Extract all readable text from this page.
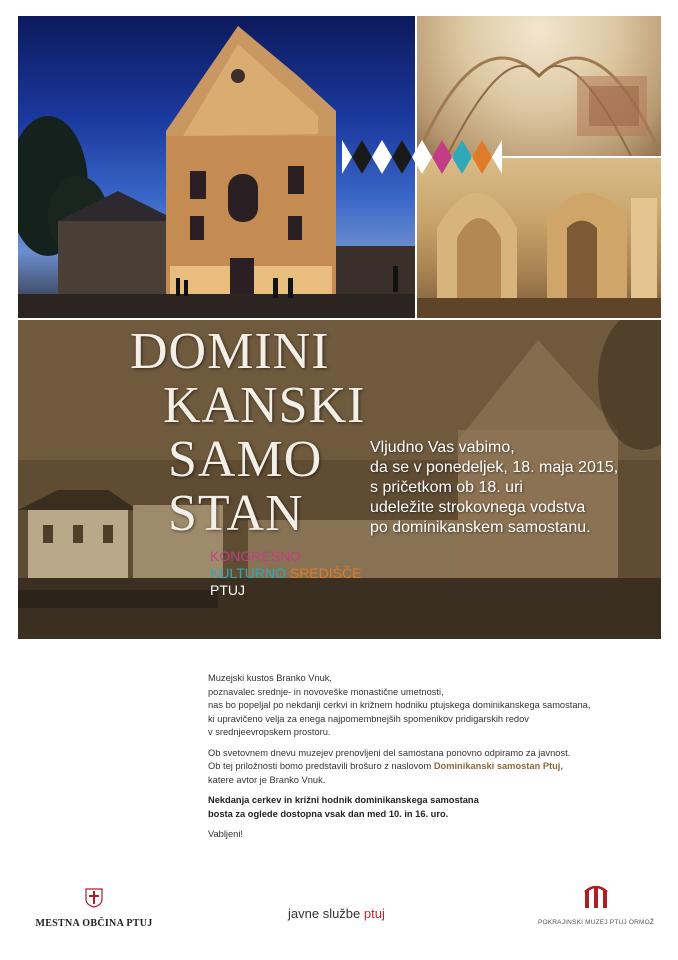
DOMINI
KANSKI
SAMO
STAN
Vljudno Vas vabimo,
da se v ponedeljek, 18. maja 2015,
s pričetkom ob 18. uri
udeležite strokovnega vodstva
po dominikanskem samostanu.
KONGRESNO
KULTURNO SREDIŠČE
PTUJ

Muzejski kustos Branko Vnuk,
poznavalec srednje- in novoveške monastične umetnosti,
nas bo popeljal po nekdanji cerkvi in križnem hodniku ptujskega dominikanskega samostana,
ki upravičeno velja za enega najpomembnejših spomenikov pridigarskih redov
v srednjeevropskem prostoru.

Ob svetovnem dnevu muzejev prenovljeni del samostana ponovno odpiramo za javnost.
Ob tej priložnosti bomo predstavili brošuro z naslovom Dominikanski samostan Ptuj,
katere avtor je Branko Vnuk.

Nekdanja cerkev in križni hodnik dominikanskega samostana
bosta za oglede dostopna vsak dan med 10. in 16. uro.

Vabljeni!

MESTNA OBČINA PTUJ
javne službe ptuj
POKRAJINSKI MUZEJ PTUJ ORMOŽ
